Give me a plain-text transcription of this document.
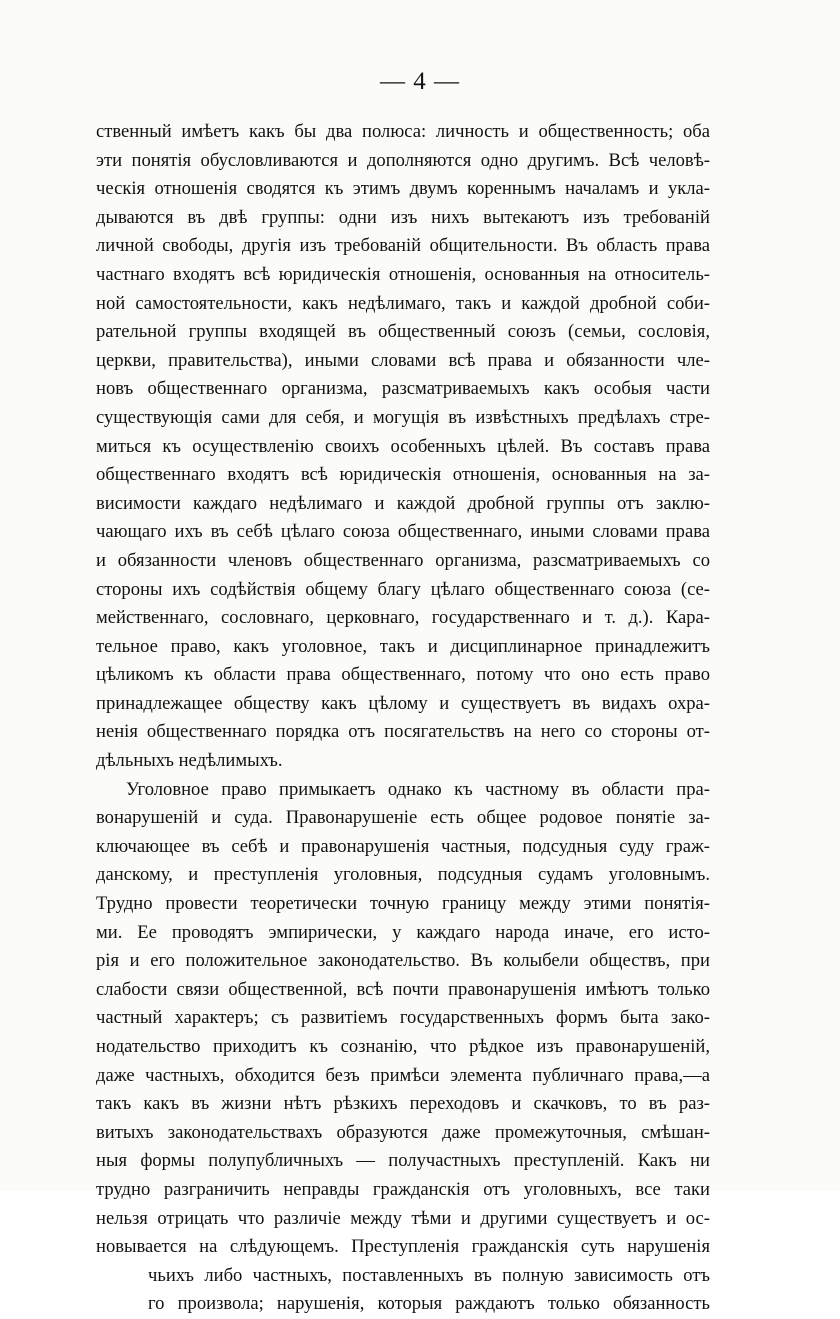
— 4 —
ственный имѣетъ какъ бы два полюса: личность и общественность; оба
эти понятія обусловливаются и дополняются одно другимъ. Всѣ человѣ-
ческія отношенія сводятся къ этимъ двумъ кореннымъ началамъ и укла-
дываются въ двѣ группы: одни изъ нихъ вытекаютъ изъ требованій
личной свободы, другія изъ требованій общительности. Въ область права
частнаго входятъ всѣ юридическія отношенія, основанныя на относитель-
ной самостоятельности, какъ недѣлимаго, такъ и каждой дробной соби-
рательной группы входящей въ общественный союзъ (семьи, сословія,
церкви, правительства), иными словами всѣ права и обязанности чле-
новъ общественнаго организма, разсматриваемыхъ какъ особыя части
существующія сами для себя, и могущія въ извѣстныхъ предѣлахъ стре-
миться къ осуществленію своихъ особенныхъ цѣлей. Въ составъ права
общественнаго входятъ всѣ юридическія отношенія, основанныя на за-
висимости каждаго недѣлимаго и каждой дробной группы отъ заклю-
чающаго ихъ въ себѣ цѣлаго союза общественнаго, иными словами права
и обязанности членовъ общественнаго организма, разсматриваемыхъ со
стороны ихъ содѣйствія общему благу цѣлаго общественнаго союза (се-
мейственнаго, сословнаго, церковнаго, государственнаго и т. д.). Кара-
тельное право, какъ уголовное, такъ и дисциплинарное принадлежитъ
цѣликомъ къ области права общественнаго, потому что оно есть право
принадлежащее обществу какъ цѣлому и существуетъ въ видахъ охра-
ненія общественнаго порядка отъ посягательствъ на него со стороны от-
дѣльныхъ недѣлимыхъ.
Уголовное право примыкаетъ однако къ частному въ области пра-
вонарушеній и суда. Правонарушеніе есть общее родовое понятіе за-
ключающее въ себѣ и правонарушенія частныя, подсудныя суду граж-
данскому, и преступленія уголовныя, подсудныя судамъ уголовнымъ.
Трудно провести теоретически точную границу между этими понятія-
ми. Ее проводятъ эмпирически, у каждаго народа иначе, его исто-
рія и его положительное законодательство. Въ колыбели обществъ, при
слабости связи общественной, всѣ почти правонарушенія имѣютъ только
частный характеръ; съ развитіемъ государственныхъ формъ быта зако-
нодательство приходитъ къ сознанію, что рѣдкое изъ правонарушеній,
даже частныхъ, обходится безъ примѣси элемента публичнаго права,—а
такъ какъ въ жизни нѣтъ рѣзкихъ переходовъ и скачковъ, то въ раз-
витыхъ законодательствахъ образуются даже промежуточныя, смѣшан-
ныя формы полупубличныхъ — получастныхъ преступленій. Какъ ни
трудно разграничить неправды гражданскія отъ уголовныхъ, все таки
нельзя отрицать что различіе между тѣми и другими существуетъ и ос-
новывается на слѣдующемъ. Преступленія гражданскія суть нарушенія
чьихъ либо частныхъ, поставленныхъ въ полную зависимость отъ
го произвола; нарушенія, которыя раждаютъ только обязанность
